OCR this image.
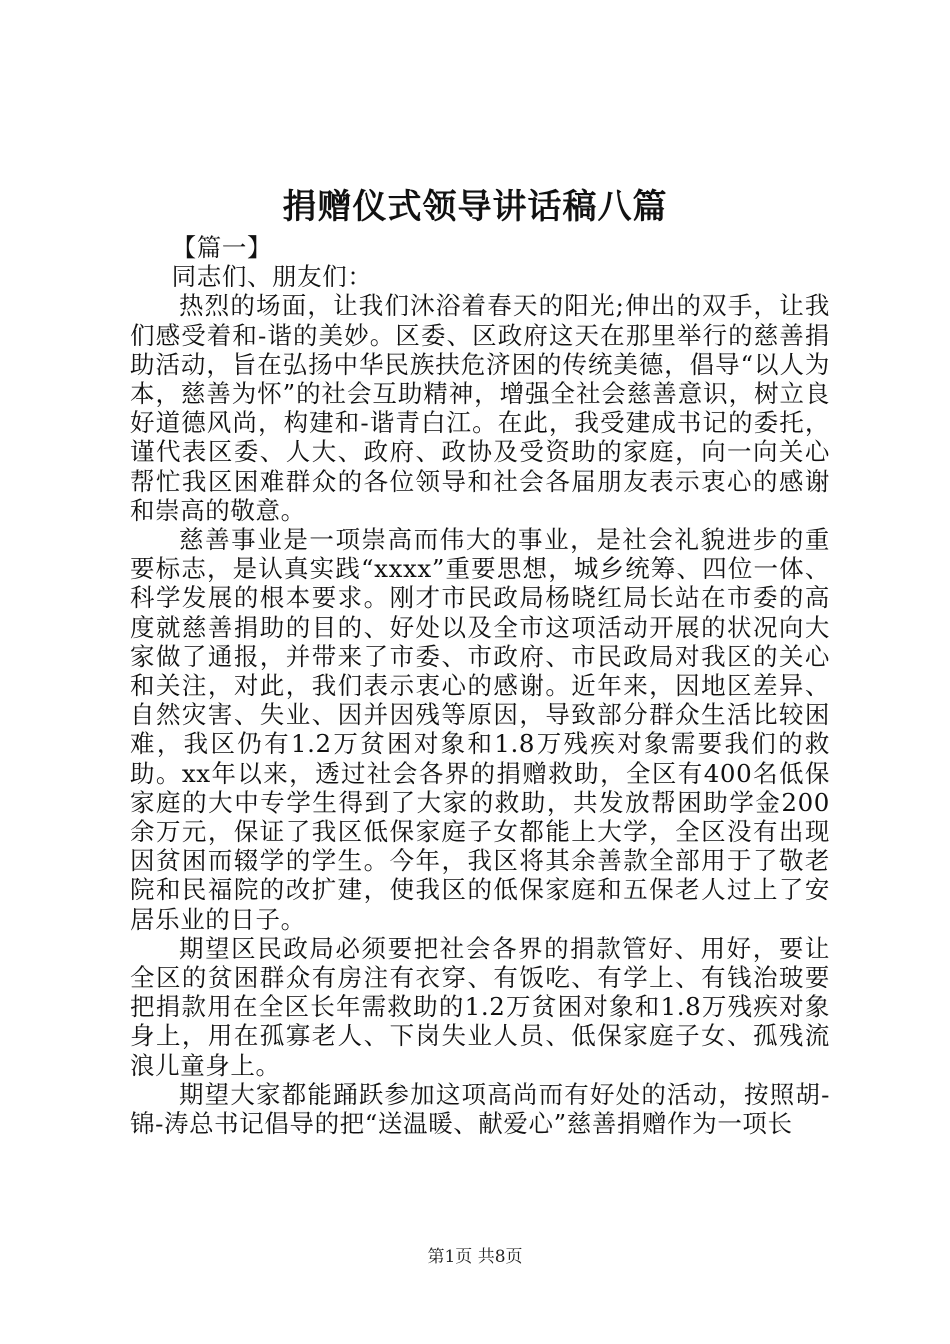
捐赠仪式领导讲话稿八篇

【篇一】

同志们、朋友们：

热烈的场面，让我们沐浴着春天的阳光;伸出的双手，让我们感受着和-谐的美妙。区委、区政府这天在那里举行的慈善捐助活动，旨在弘扬中华民族扶危济困的传统美德，倡导“以人为本，慈善为怀”的社会互助精神，增强全社会慈善意识，树立良好道德风尚，构建和-谐青白江。在此，我受建成书记的委托，谨代表区委、人大、政府、政协及受资助的家庭，向一向关心帮忙我区困难群众的各位领导和社会各届朋友表示衷心的感谢和崇高的敬意。

慈善事业是一项崇高而伟大的事业，是社会礼貌进步的重要标志，是认真实践“xxxx”重要思想，城乡统筹、四位一体、科学发展的根本要求。刚才市民政局杨晓红局长站在市委的高度就慈善捐助的目的、好处以及全市这项活动开展的状况向大家做了通报，并带来了市委、市政府、市民政局对我区的关心和关注，对此，我们表示衷心的感谢。近年来，因地区差异、自然灾害、失业、因并因残等原因，导致部分群众生活比较困难，我区仍有1.2万贫困对象和1.8万残疾对象需要我们的救助。xx年以来，透过社会各界的捐赠救助，全区有400名低保家庭的大中专学生得到了大家的救助，共发放帮困助学金200余万元，保证了我区低保家庭子女都能上大学，全区没有出现因贫困而辍学的学生。今年，我区将其余善款全部用于了敬老院和民福院的改扩建，使我区的低保家庭和五保老人过上了安居乐业的日子。

期望区民政局必须要把社会各界的捐款管好、用好，要让全区的贫困群众有房注有衣穿、有饭吃、有学上、有钱治玻要把捐款用在全区长年需救助的1.2万贫困对象和1.8万残疾对象身上，用在孤寡老人、下岗失业人员、低保家庭子女、孤残流浪儿童身上。

期望大家都能踊跃参加这项高尚而有好处的活动，按照胡-锦-涛总书记倡导的把“送温暖、献爱心”慈善捐赠作为一项长

第1页 共8页
